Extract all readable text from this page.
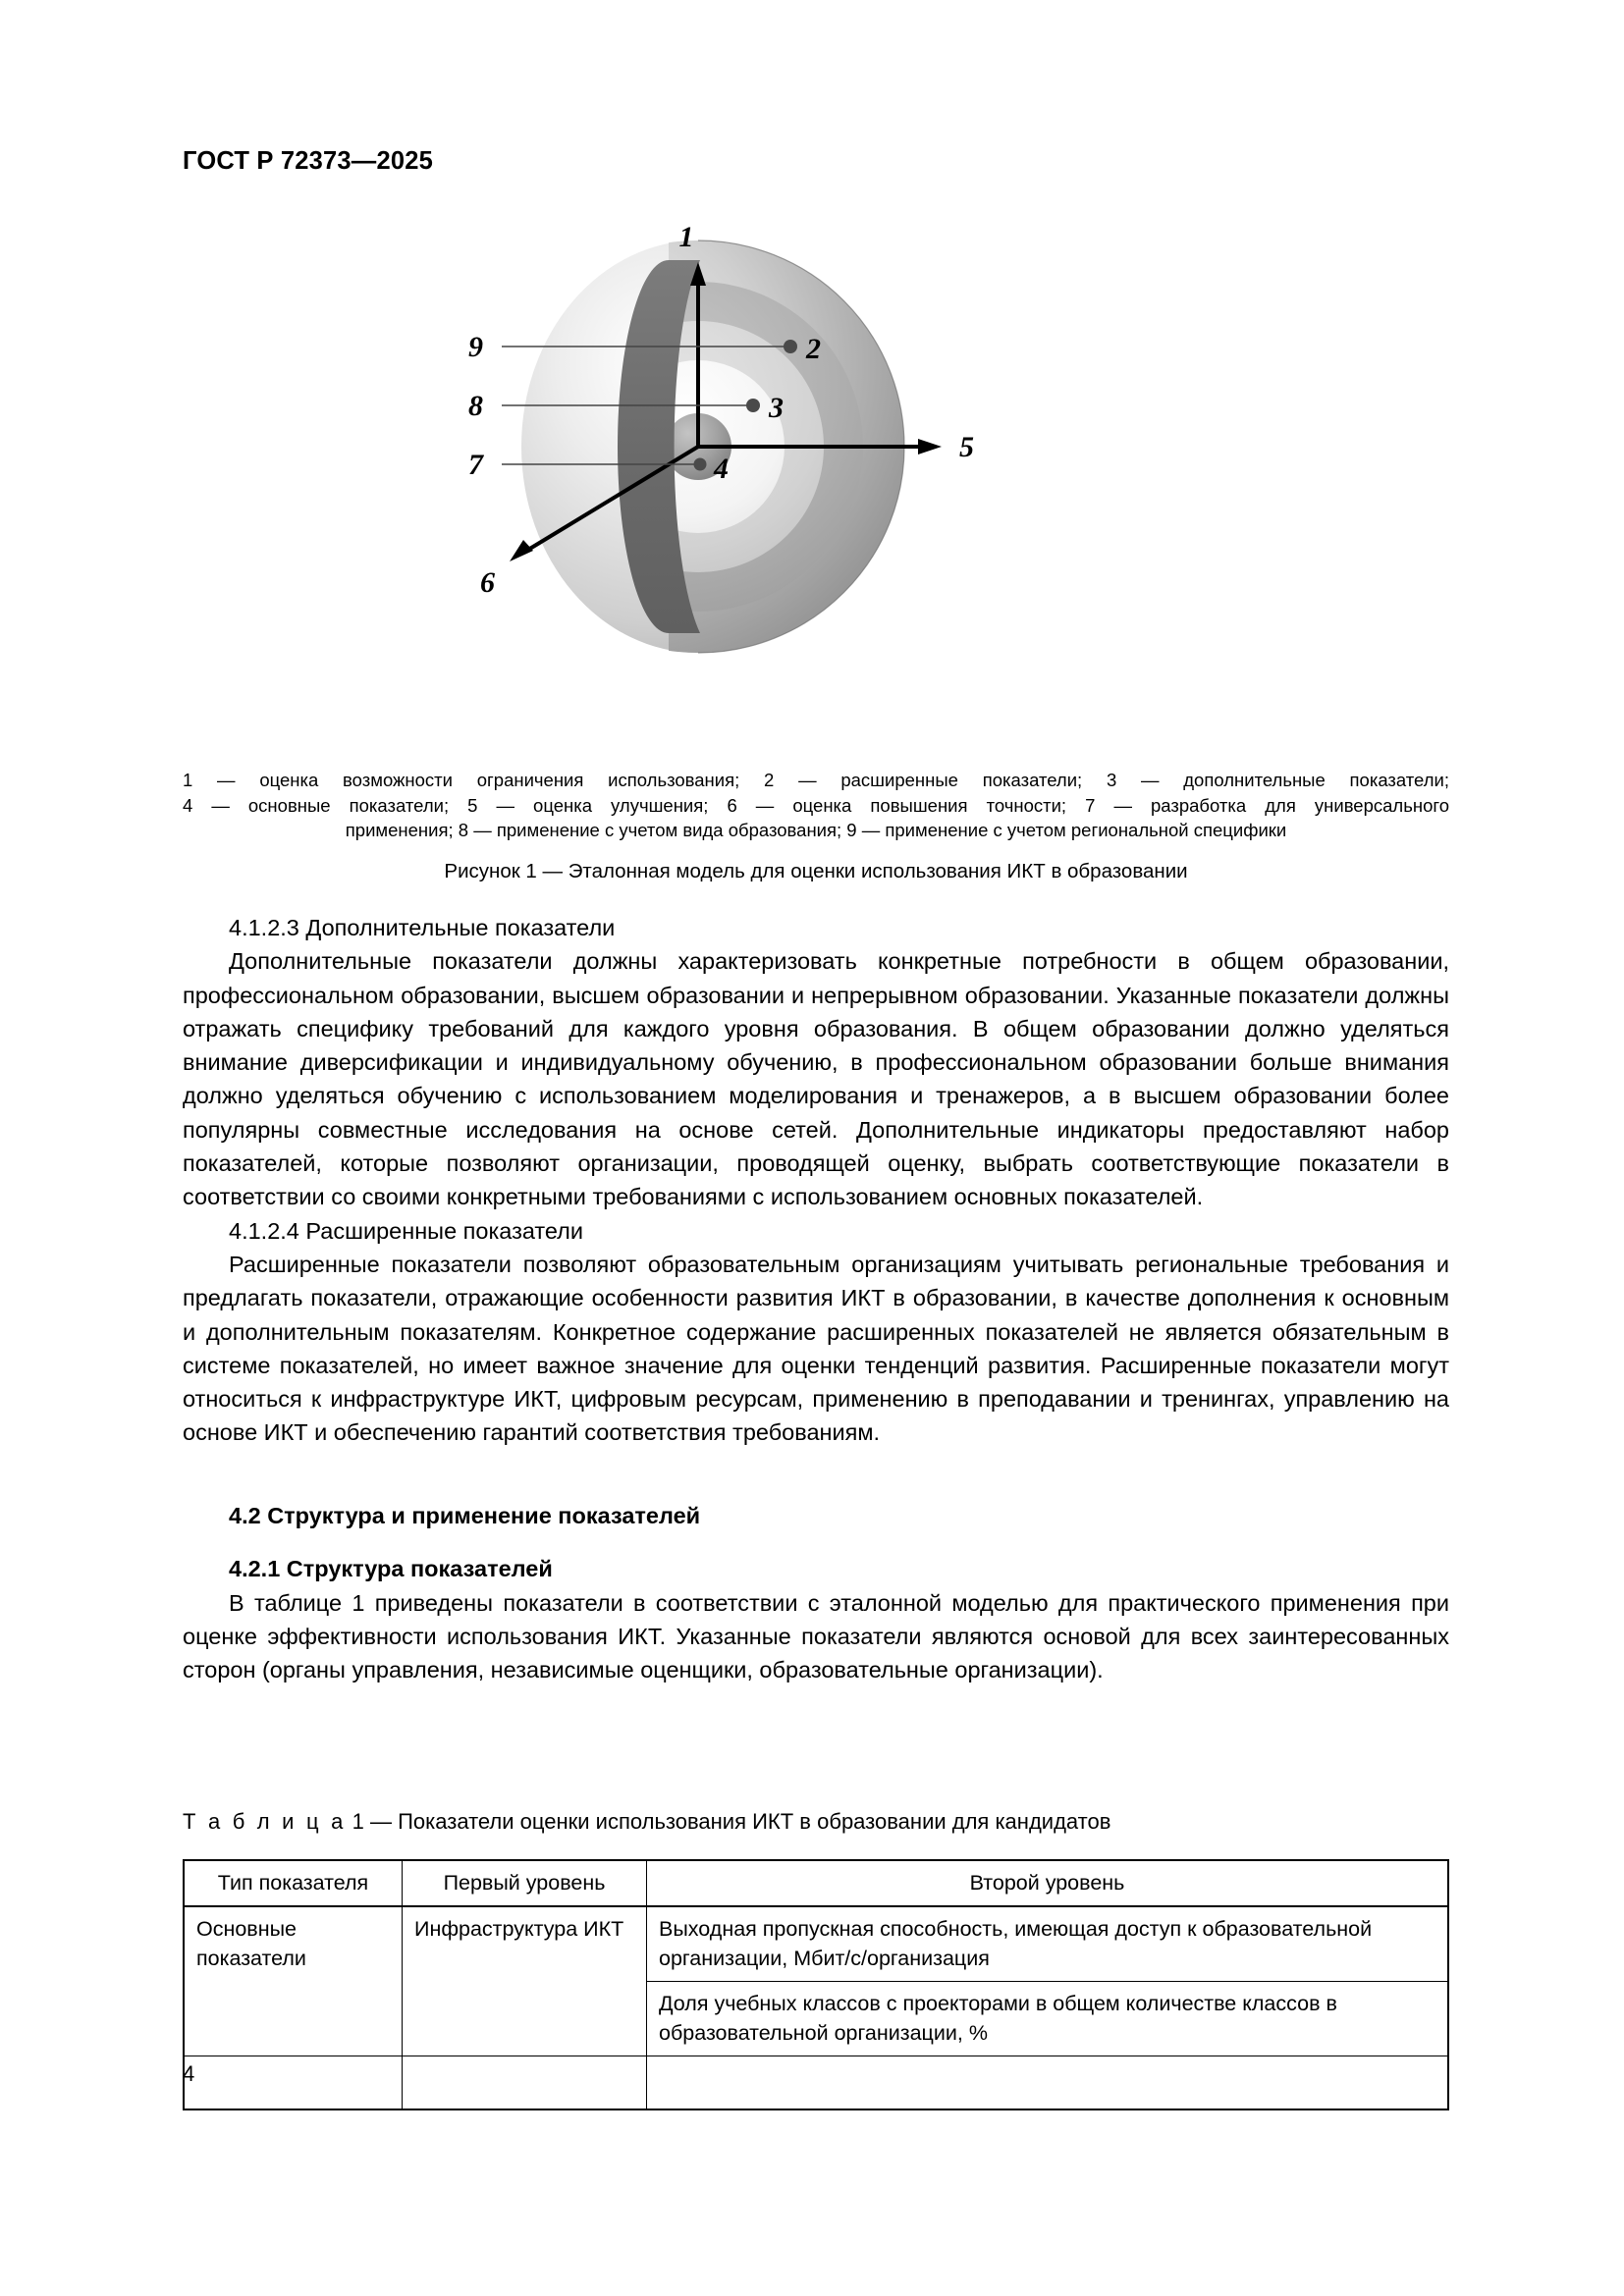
ГОСТ Р 72373—2025
1
5
6
2
3
4
7
8
9
1 — оценка возможности ограничения использования; 2 — расширенные показатели; 3 — дополнительные показатели;
4 — основные показатели; 5 — оценка улучшения; 6 — оценка повышения точности; 7 — разработка для универсального
применения; 8 — применение с учетом вида образования; 9 — применение с учетом региональной специфики
Рисунок 1 — Эталонная модель для оценки использования ИКТ в образовании

4.1.2.3 Дополнительные показатели

Дополнительные показатели должны характеризовать конкретные потребности в общем образовании, профессиональном образовании, высшем образовании и непрерывном образовании. Указанные показатели должны отражать специфику требований для каждого уровня образования. В общем образовании должно уделяться внимание диверсификации и индивидуальному обучению, в профессиональном образовании больше внимания должно уделяться обучению с использованием моделирования и тренажеров, а в высшем образовании более популярны совместные исследования на основе сетей. Дополнительные индикаторы предоставляют набор показателей, которые позволяют организации, проводящей оценку, выбрать соответствующие показатели в соответствии со своими конкретными требованиями с использованием основных показателей.

4.1.2.4 Расширенные показатели

Расширенные показатели позволяют образовательным организациям учитывать региональные требования и предлагать показатели, отражающие особенности развития ИКТ в образовании, в качестве дополнения к основным и дополнительным показателям. Конкретное содержание расширенных показателей не является обязательным в системе показателей, но имеет важное значение для оценки тенденций развития. Расширенные показатели могут относиться к инфраструктуре ИКТ, цифровым ресурсам, применению в преподавании и тренингах, управлению на основе ИКТ и обеспечению гарантий соответствия требованиям.

4.2 Структура и применение показателей

4.2.1 Структура показателей

В таблице 1 приведены показатели в соответствии с эталонной моделью для практического применения при оценке эффективности использования ИКТ. Указанные показатели являются основой для всех заинтересованных сторон (органы управления, независимые оценщики, образовательные организации).

Т а б л и ц а 1 — Показатели оценки использования ИКТ в образовании для кандидатов
Тип показателя	Первый уровень	Второй уровень
Основные показатели	Инфраструктура ИКТ	Выходная пропускная способность, имеющая доступ к образовательной организации, Мбит/с/организация
		Доля учебных классов с проекторами в общем количестве классов в образовательной организации, %

4
